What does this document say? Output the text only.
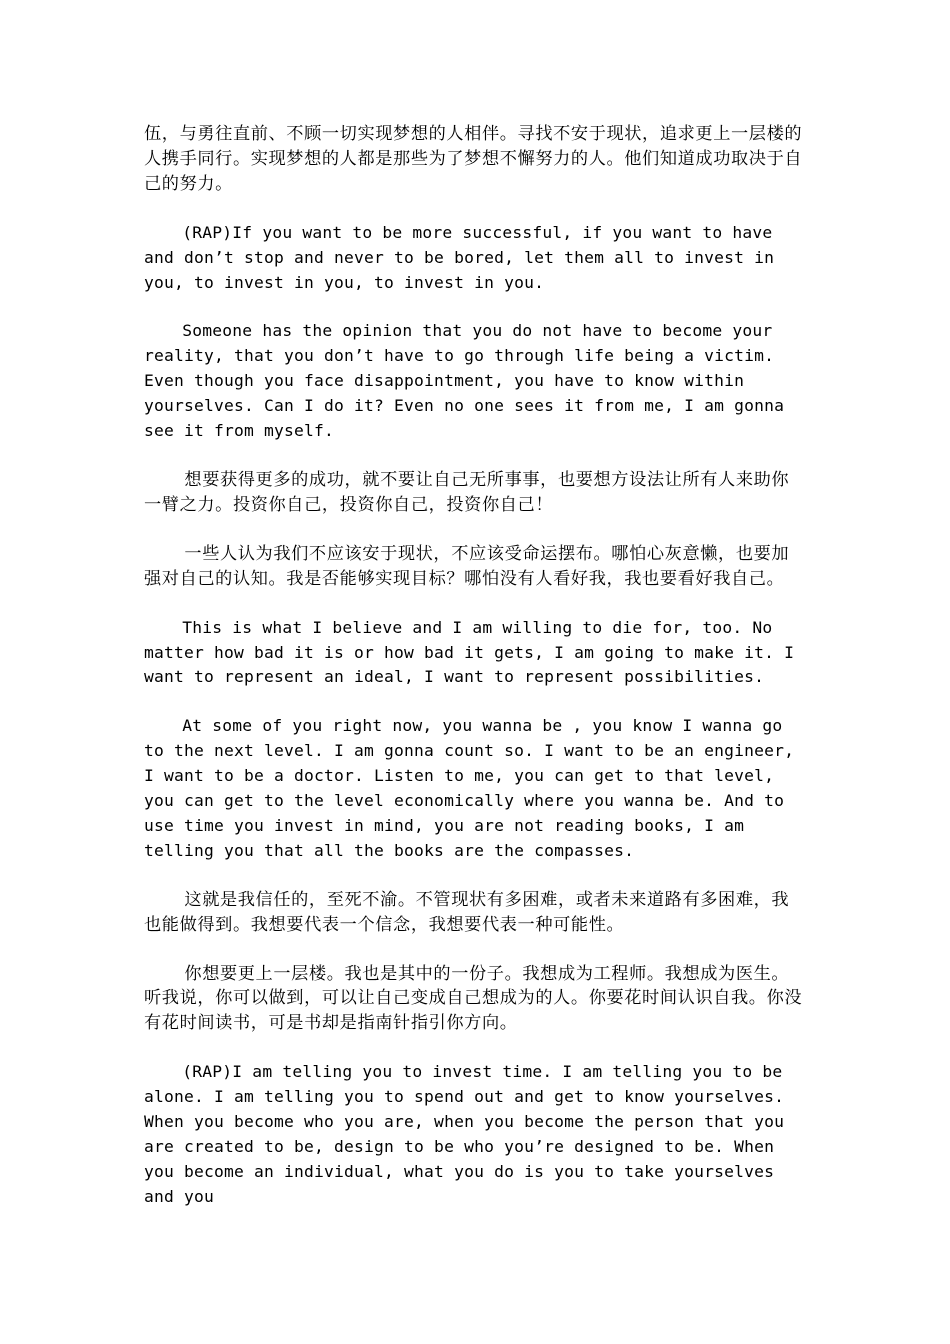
伍，与勇往直前、不顾一切实现梦想的人相伴。寻找不安于现状，追求更上一层楼的人携手同行。实现梦想的人都是那些为了梦想不懈努力的人。他们知道成功取决于自己的努力。

(RAP)If you want to be more successful, if you want to have and don’t stop and never to be bored, let them all to invest in you, to invest in you, to invest in you.

Someone has the opinion that you do not have to become your reality, that you don’t have to go through life being a victim. Even though you face disappointment, you have to know within yourselves. Can I do it? Even no one sees it from me, I am gonna see it from myself.

想要获得更多的成功，就不要让自己无所事事，也要想方设法让所有人来助你一臂之力。投资你自己，投资你自己，投资你自己！

一些人认为我们不应该安于现状，不应该受命运摆布。哪怕心灰意懒，也要加强对自己的认知。我是否能够实现目标？哪怕没有人看好我，我也要看好我自己。

This is what I believe and I am willing to die for, too. No matter how bad it is or how bad it gets, I am going to make it. I want to represent an ideal, I want to represent possibilities.

At some of you right now, you wanna be , you know I wanna go to the next level. I am gonna count so. I want to be an engineer, I want to be a doctor. Listen to me, you can get to that level, you can get to the level economically where you wanna be. And to use time you invest in mind, you are not reading books, I am telling you that all the books are the compasses.

这就是我信任的，至死不渝。不管现状有多困难，或者未来道路有多困难，我也能做得到。我想要代表一个信念，我想要代表一种可能性。

你想要更上一层楼。我也是其中的一份子。我想成为工程师。我想成为医生。听我说，你可以做到，可以让自己变成自己想成为的人。你要花时间认识自我。你没有花时间读书，可是书却是指南针指引你方向。

(RAP)I am telling you to invest time. I am telling you to be alone. I am telling you to spend out and get to know yourselves. When you become who you are, when you become the person that you are created to be, design to be who you’re designed to be. When you become an individual, what you do is you to take yourselves and you
